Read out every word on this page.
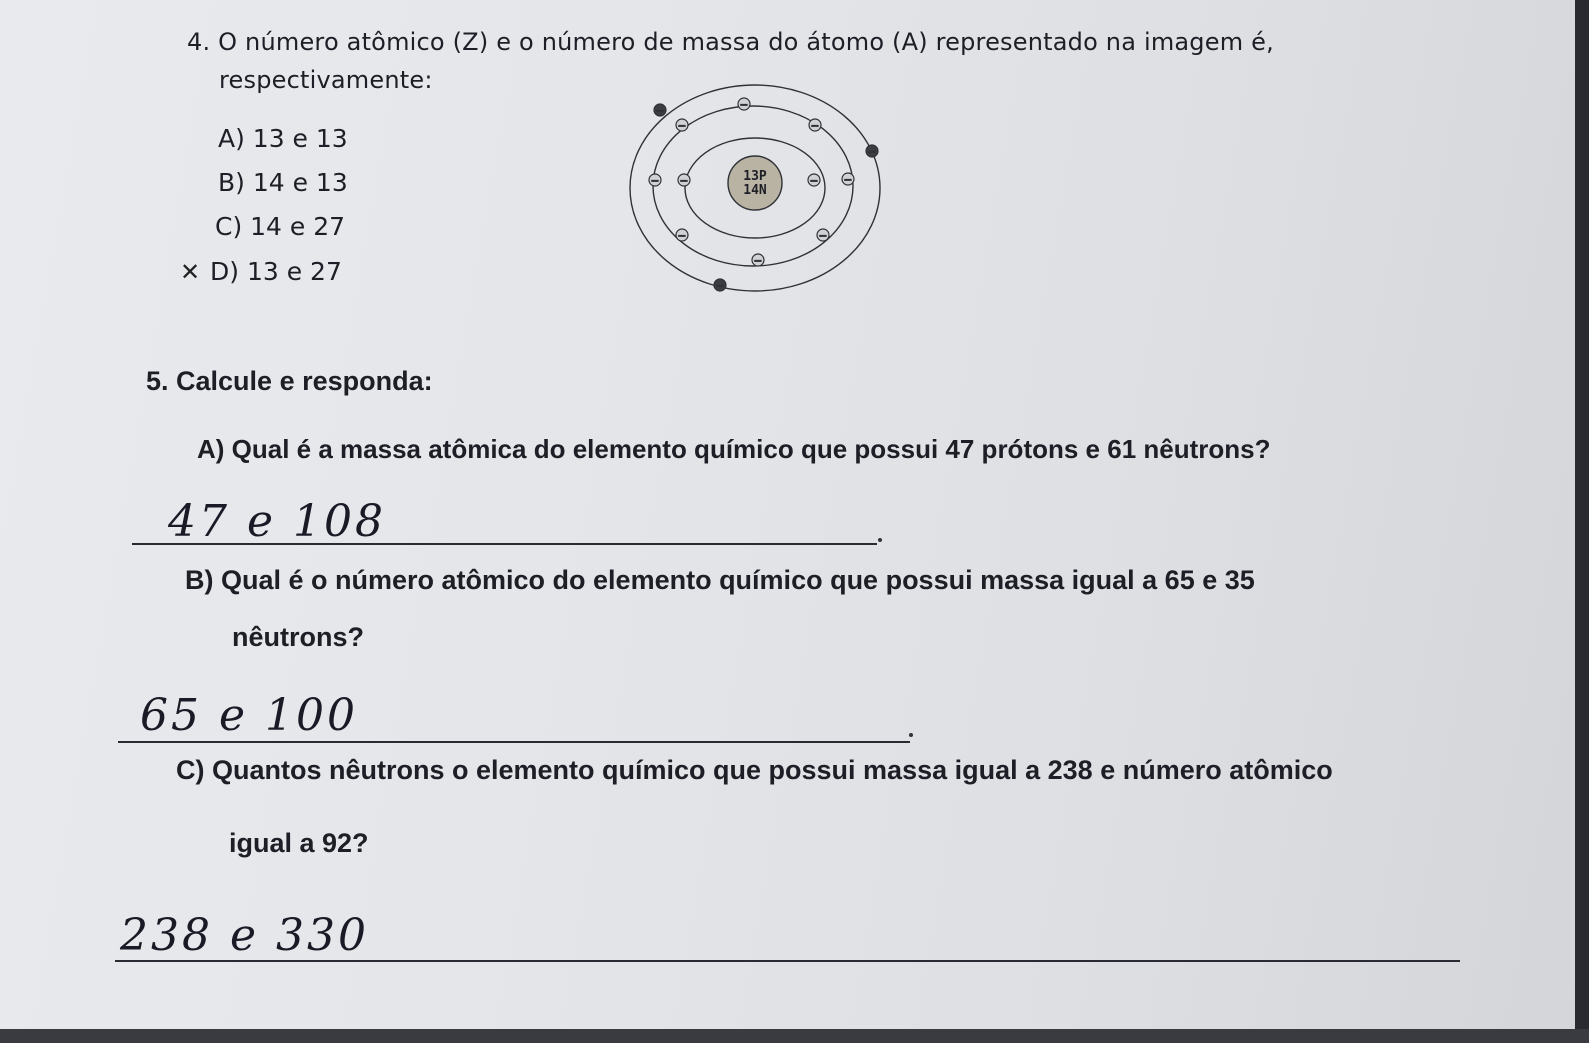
4. O número atômico (Z) e o número de massa do átomo (A) representado na imagem é,
respectivamente:
A) 13 e 13
B) 14 e 13
C) 14 e 27
✕ D) 13 e 27
13P
14N
−
−
−	−
−
− −	−	−
−	−
−
−
5. Calcule e responda:
A) Qual é a massa atômica do elemento químico que possui 47 prótons e 61 nêutrons?
47 e 108
B) Qual é o número atômico do elemento químico que possui massa igual a 65 e 35
nêutrons?
65 e 100
C) Quantos nêutrons o elemento químico que possui massa igual a 238 e número atômico
igual a 92?
238 e 330
